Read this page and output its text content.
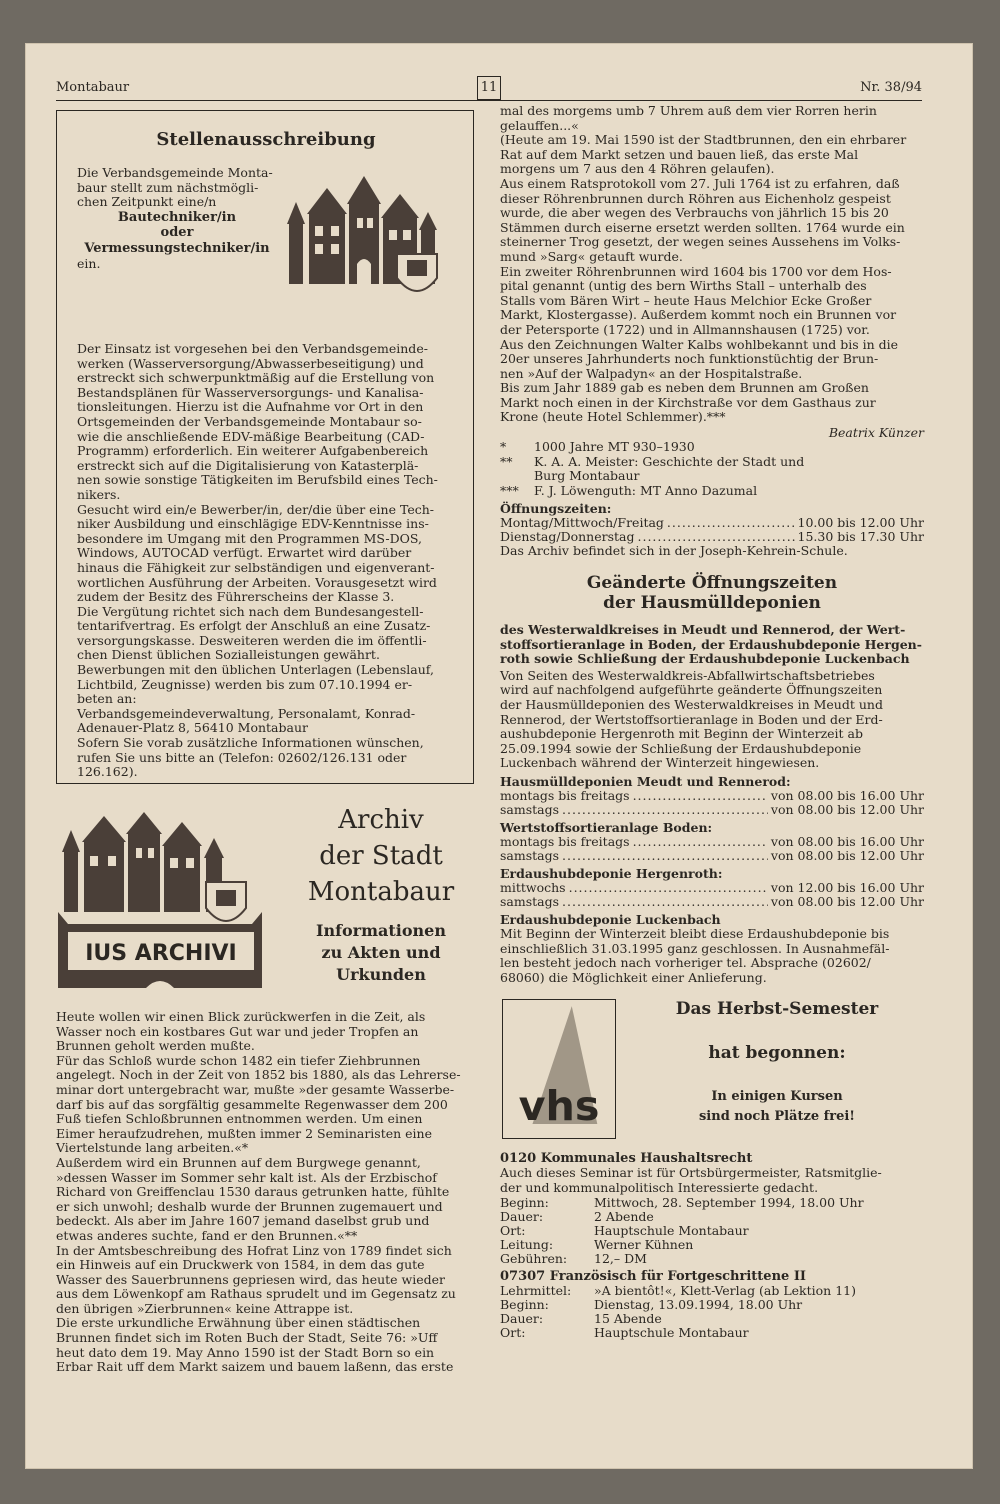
Montabaur	11	Nr. 38/94
Stellenausschreibung
Die Verbandsgemeinde Monta-
baur stellt zum nächstmögli-
chen Zeitpunkt eine/n
Bautechniker/in
oder
Vermessungstechniker/in
ein.
Der Einsatz ist vorgesehen bei den Verbandsgemeinde-
werken (Wasserversorgung/Abwasserbeseitigung) und
erstreckt sich schwerpunktmäßig auf die Erstellung von
Bestandsplänen für Wasserversorgungs- und Kanalisa-
tionsleitungen. Hierzu ist die Aufnahme vor Ort in den
Ortsgemeinden der Verbandsgemeinde Montabaur so-
wie die anschließende EDV-mäßige Bearbeitung (CAD-
Programm) erforderlich. Ein weiterer Aufgabenbereich
erstreckt sich auf die Digitalisierung von Katasterplä-
nen sowie sonstige Tätigkeiten im Berufsbild eines Tech-
nikers.
Gesucht wird ein/e Bewerber/in, der/die über eine Tech-
niker Ausbildung und einschlägige EDV-Kenntnisse ins-
besondere im Umgang mit den Programmen MS-DOS,
Windows, AUTOCAD verfügt. Erwartet wird darüber
hinaus die Fähigkeit zur selbständigen und eigenverant-
wortlichen Ausführung der Arbeiten. Vorausgesetzt wird
zudem der Besitz des Führerscheins der Klasse 3.
Die Vergütung richtet sich nach dem Bundesangestell-
tentarifvertrag. Es erfolgt der Anschluß an eine Zusatz-
versorgungskasse. Desweiteren werden die im öffentli-
chen Dienst üblichen Sozialleistungen gewährt.
Bewerbungen mit den üblichen Unterlagen (Lebenslauf,
Lichtbild, Zeugnisse) werden bis zum 07.10.1994 er-
beten an:
Verbandsgemeindeverwaltung, Personalamt, Konrad-
Adenauer-Platz 8, 56410 Montabaur
Sofern Sie vorab zusätzliche Informationen wünschen,
rufen Sie uns bitte an (Telefon: 02602/126.131 oder
126.162).
IUS ARCHIVI
Archiv
der Stadt
Montabaur
Informationen
zu Akten und
Urkunden
Heute wollen wir einen Blick zurückwerfen in die Zeit, als
Wasser noch ein kostbares Gut war und jeder Tropfen an
Brunnen geholt werden mußte.
Für das Schloß wurde schon 1482 ein tiefer Ziehbrunnen
angelegt. Noch in der Zeit von 1852 bis 1880, als das Lehrerse-
minar dort untergebracht war, mußte »der gesamte Wasserbe-
darf bis auf das sorgfältig gesammelte Regenwasser dem 200
Fuß tiefen Schloßbrunnen entnommen werden. Um einen
Eimer heraufzudrehen, mußten immer 2 Seminaristen eine
Viertelstunde lang arbeiten.«*
Außerdem wird ein Brunnen auf dem Burgwege genannt,
»dessen Wasser im Sommer sehr kalt ist. Als der Erzbischof
Richard von Greiffenclau 1530 daraus getrunken hatte, fühlte
er sich unwohl; deshalb wurde der Brunnen zugemauert und
bedeckt. Als aber im Jahre 1607 jemand daselbst grub und
etwas anderes suchte, fand er den Brunnen.«**
In der Amtsbeschreibung des Hofrat Linz von 1789 findet sich
ein Hinweis auf ein Druckwerk von 1584, in dem das gute
Wasser des Sauerbrunnens gepriesen wird, das heute wieder
aus dem Löwenkopf am Rathaus sprudelt und im Gegensatz zu
den übrigen »Zierbrunnen« keine Attrappe ist.
Die erste urkundliche Erwähnung über einen städtischen
Brunnen findet sich im Roten Buch der Stadt, Seite 76: »Uff
heut dato dem 19. May Anno 1590 ist der Stadt Born so ein
Erbar Rait uff dem Markt saizem und bauem laßenn, das erste
mal des morgems umb 7 Uhrem auß dem vier Rorren herin
gelauffen...«
(Heute am 19. Mai 1590 ist der Stadtbrunnen, den ein ehrbarer
Rat auf dem Markt setzen und bauen ließ, das erste Mal
morgens um 7 aus den 4 Röhren gelaufen).
Aus einem Ratsprotokoll vom 27. Juli 1764 ist zu erfahren, daß
dieser Röhrenbrunnen durch Röhren aus Eichenholz gespeist
wurde, die aber wegen des Verbrauchs von jährlich 15 bis 20
Stämmen durch eiserne ersetzt werden sollten. 1764 wurde ein
steinerner Trog gesetzt, der wegen seines Aussehens im Volks-
mund »Sarg« getauft wurde.
Ein zweiter Röhrenbrunnen wird 1604 bis 1700 vor dem Hos-
pital genannt (untig des bern Wirths Stall – unterhalb des
Stalls vom Bären Wirt – heute Haus Melchior Ecke Großer
Markt, Klostergasse). Außerdem kommt noch ein Brunnen vor
der Petersporte (1722) und in Allmannshausen (1725) vor.
Aus den Zeichnungen Walter Kalbs wohlbekannt und bis in die
20er unseres Jahrhunderts noch funktionstüchtig der Brun-
nen »Auf der Walpadyn« an der Hospitalstraße.
Bis zum Jahr 1889 gab es neben dem Brunnen am Großen
Markt noch einen in der Kirchstraße vor dem Gasthaus zur
Krone (heute Hotel Schlemmer).***
Beatrix Künzer
*	1000 Jahre MT 930–1930
**	K. A. A. Meister: Geschichte der Stadt und
Burg Montabaur
***	F. J. Löwenguth: MT Anno Dazumal
Öffnungszeiten:
Montag/Mittwoch/Freitag .....	10.00 bis 12.00 Uhr
Dienstag/Donnerstag .....	15.30 bis 17.30 Uhr
Das Archiv befindet sich in der Joseph-Kehrein-Schule.
Geänderte Öffnungszeiten
der Hausmülldeponien
des Westerwaldkreises in Meudt und Rennerod, der Wert-
stoffsortieranlage in Boden, der Erdaushubdeponie Hergen-
roth sowie Schließung der Erdaushubdeponie Luckenbach
Von Seiten des Westerwaldkreis-Abfallwirtschaftsbetriebes
wird auf nachfolgend aufgeführte geänderte Öffnungszeiten
der Hausmülldeponien des Westerwaldkreises in Meudt und
Rennerod, der Wertstoffsortieranlage in Boden und der Erd-
aushubdeponie Hergenroth mit Beginn der Winterzeit ab
25.09.1994 sowie der Schließung der Erdaushubdeponie
Luckenbach während der Winterzeit hingewiesen.
Hausmülldeponien Meudt und Rennerod:
montags bis freitags .....	von 08.00 bis 16.00 Uhr
samstags .....	von 08.00 bis 12.00 Uhr
Wertstoffsortieranlage Boden:
montags bis freitags .....	von 08.00 bis 16.00 Uhr
samstags .....	von 08.00 bis 12.00 Uhr
Erdaushubdeponie Hergenroth:
mittwochs .....	von 12.00 bis 16.00 Uhr
samstags .....	von 08.00 bis 12.00 Uhr
Erdaushubdeponie Luckenbach
Mit Beginn der Winterzeit bleibt diese Erdaushubdeponie bis
einschließlich 31.03.1995 ganz geschlossen. In Ausnahmefäl-
len besteht jedoch nach vorheriger tel. Absprache (02602/
68060) die Möglichkeit einer Anlieferung.
vhs
Das Herbst-Semester
hat begonnen:
In einigen Kursen
sind noch Plätze frei!
0120 Kommunales Haushaltsrecht
Auch dieses Seminar ist für Ortsbürgermeister, Ratsmitglie-
der und kommunalpolitisch Interessierte gedacht.
Beginn:	Mittwoch, 28. September 1994, 18.00 Uhr
Dauer:	2 Abende
Ort:	Hauptschule Montabaur
Leitung:	Werner Kühnen
Gebühren:	12,– DM
07307 Französisch für Fortgeschrittene II
Lehrmittel:	»A bientôt!«, Klett-Verlag (ab Lektion 11)
Beginn:	Dienstag, 13.09.1994, 18.00 Uhr
Dauer:	15 Abende
Ort:	Hauptschule Montabaur
